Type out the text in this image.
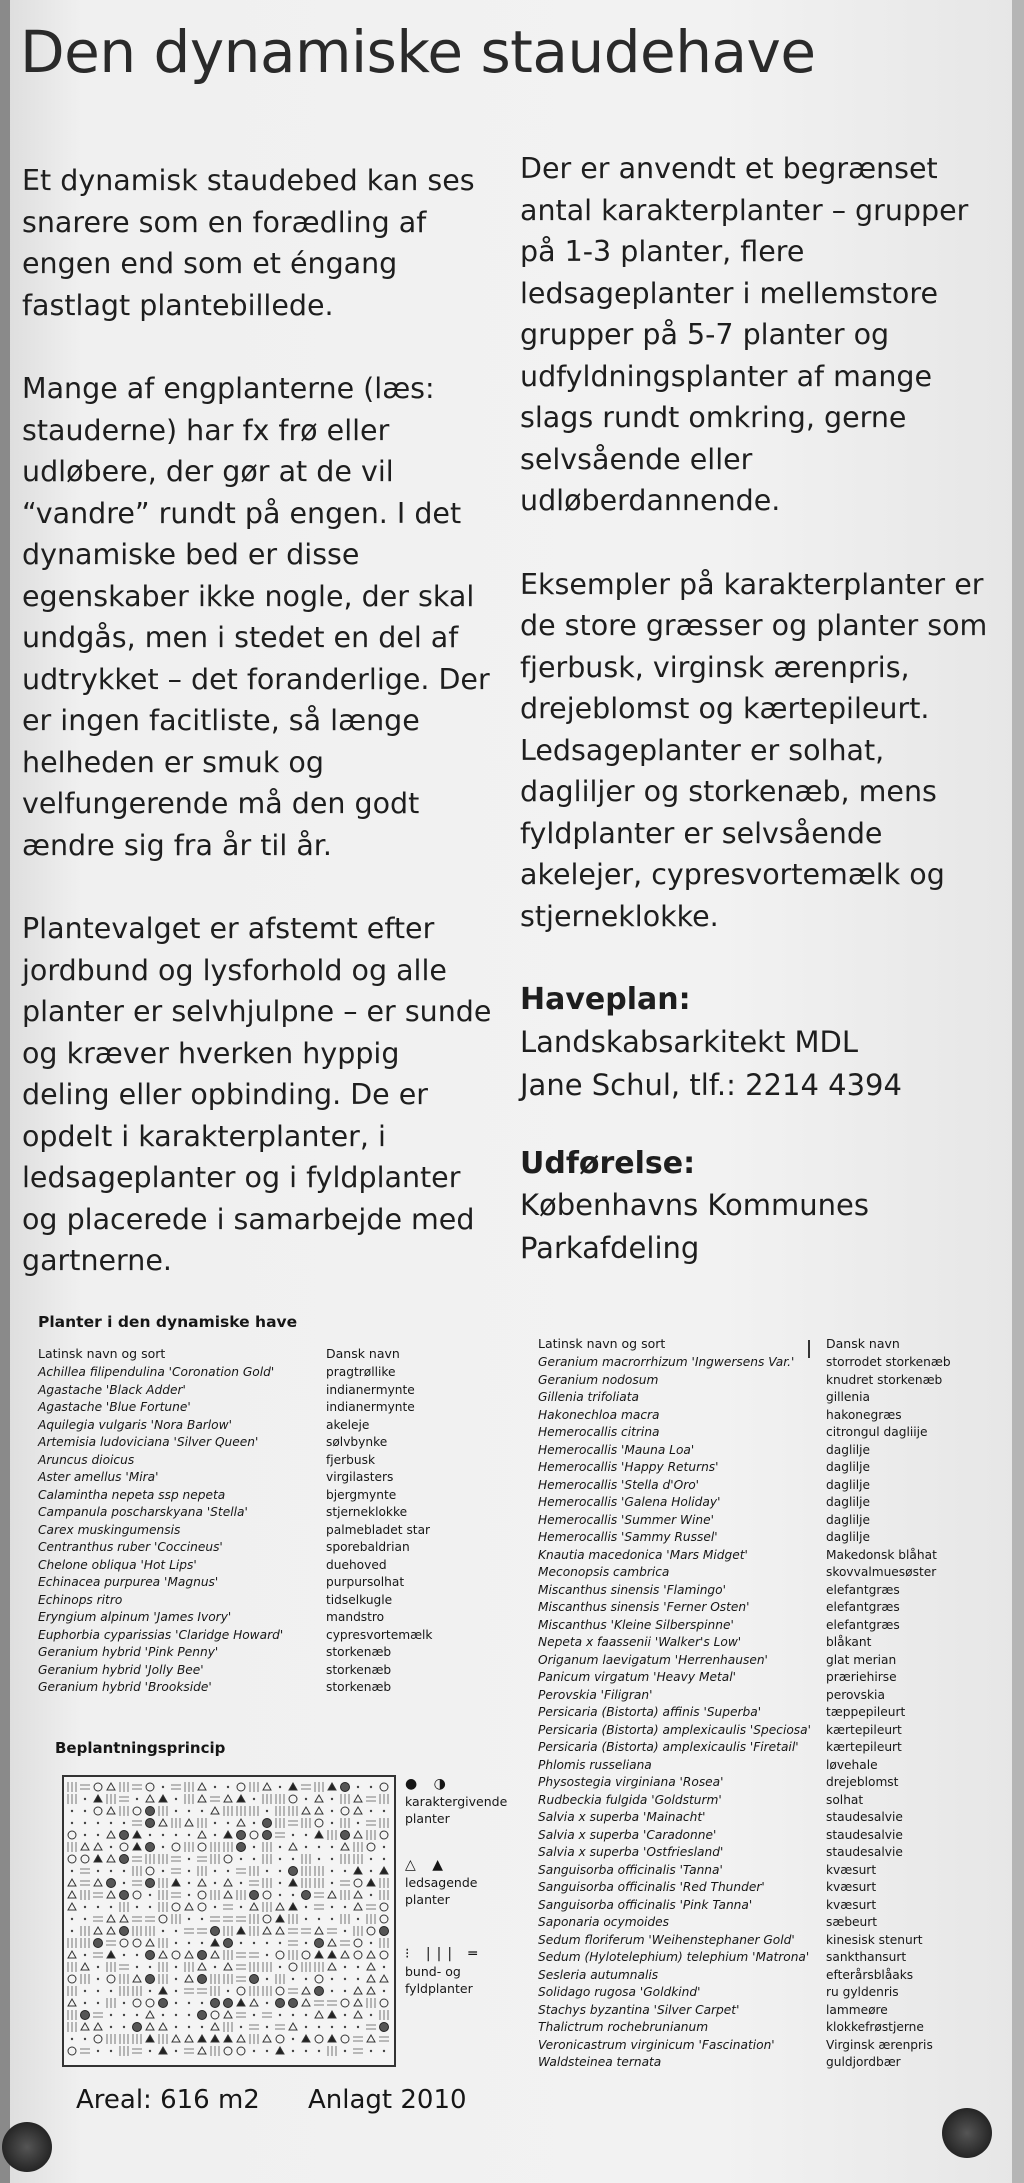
Den dynamiske staudehave

Et dynamisk staudebed kan ses snarere som en forædling af engen end som et éngang fastlagt plantebillede.

Mange af engplanterne (læs: stauderne) har fx frø eller udløbere, der gør at de vil “vandre” rundt på engen. I det dynamiske bed er disse egenskaber ikke nogle, der skal undgås, men i stedet en del af udtrykket – det foranderlige. Der er ingen facitliste, så længe helheden er smuk og velfungerende må den godt ændre sig fra år til år.

Plantevalget er afstemt efter jordbund og lysforhold og alle planter er selvhjulpne – er sunde og kræver hverken hyppig deling eller opbinding. De er opdelt i karakterplanter, i ledsageplanter og i fyldplanter og placerede i samarbejde med gartnerne.

Der er anvendt et begrænset antal karakterplanter – grupper på 1-3 planter, flere ledsageplanter i mellemstore grupper på 5-7 planter og udfyldningsplanter af mange slags rundt omkring, gerne selvsående eller udløberdannende.

Eksempler på karakterplanter er de store græsser og planter som fjerbusk, virginsk ærenpris, drejeblomst og kærtepileurt. Ledsageplanter er solhat, dagliljer og storkenæb, mens fyldplanter er selvsående akelejer, cypresvortemælk og stjerneklokke.

Haveplan:
Landskabsarkitekt MDL
Jane Schul, tlf.: 2214 4394
Udførelse:
Københavns Kommunes
Parkafdeling
Planter i den dynamiske have
Latinsk navn og sort	Dansk navn
Achillea filipendulina 'Coronation Gold'	pragtrøllike
Agastache 'Black Adder'	indianermynte
Agastache 'Blue Fortune'	indianermynte
Aquilegia vulgaris 'Nora Barlow'	akeleje
Artemisia ludoviciana 'Silver Queen'	sølvbynke
Aruncus dioicus	fjerbusk
Aster amellus 'Mira'	virgilasters
Calamintha nepeta ssp nepeta	bjergmynte
Campanula poscharskyana 'Stella'	stjerneklokke
Carex muskingumensis	palmebladet star
Centranthus ruber 'Coccineus'	sporebaldrian
Chelone obliqua 'Hot Lips'	duehoved
Echinacea purpurea 'Magnus'	purpursolhat
Echinops ritro	tidselkugle
Eryngium alpinum 'James Ivory'	mandstro
Euphorbia cyparissias 'Claridge Howard'	cypresvortemælk
Geranium hybrid 'Pink Penny'	storkenæb
Geranium hybrid 'Jolly Bee'	storkenæb
Geranium hybrid 'Brookside'	storkenæb
Latinsk navn og sort	Dansk navn
Geranium macrorrhizum 'Ingwersens Var.'	storrodet storkenæb
Geranium nodosum	knudret storkenæb
Gillenia trifoliata	gillenia
Hakonechloa macra	hakonegræs
Hemerocallis citrina	citrongul dagliije
Hemerocallis 'Mauna Loa'	daglilje
Hemerocallis 'Happy Returns'	daglilje
Hemerocallis 'Stella d'Oro'	daglilje
Hemerocallis 'Galena Holiday'	daglilje
Hemerocallis 'Summer Wine'	daglilje
Hemerocallis 'Sammy Russel'	daglilje
Knautia macedonica 'Mars Midget'	Makedonsk blåhat
Meconopsis cambrica	skovvalmuesøster
Miscanthus sinensis 'Flamingo'	elefantgræs
Miscanthus sinensis 'Ferner Osten'	elefantgræs
Miscanthus 'Kleine Silberspinne'	elefantgræs
Nepeta x faassenii 'Walker's Low'	blåkant
Origanum laevigatum 'Herrenhausen'	glat merian
Panicum virgatum 'Heavy Metal'	præriehirse
Perovskia 'Filigran'	perovskia
Persicaria (Bistorta) affinis 'Superba'	tæppepileurt
Persicaria (Bistorta) amplexicaulis 'Speciosa'	kærtepileurt
Persicaria (Bistorta) amplexicaulis 'Firetail'	kærtepileurt
Phlomis russeliana	løvehale
Physostegia virginiana 'Rosea'	drejeblomst
Rudbeckia fulgida 'Goldsturm'	solhat
Salvia x superba 'Mainacht'	staudesalvie
Salvia x superba 'Caradonne'	staudesalvie
Salvia x superba 'Ostfriesland'	staudesalvie
Sanguisorba officinalis 'Tanna'	kvæsurt
Sanguisorba officinalis 'Red Thunder'	kvæsurt
Sanguisorba officinalis 'Pink Tanna'	kvæsurt
Saponaria ocymoides	sæbeurt
Sedum floriferum 'Weihenstephaner Gold'	kinesisk stenurt
Sedum (Hylotelephium) telephium 'Matrona'	sankthansurt
Sesleria autumnalis	efterårsblåaks
Solidago rugosa 'Goldkind'	ru gyldenris
Stachys byzantina 'Silver Carpet'	lammeøre
Thalictrum rochebrunianum	klokkefrøstjerne
Veronicastrum virginicum 'Fascination'	Virginsk ærenpris
Waldsteinea ternata	guldjordbær
Beplantningsprincip
● ◑
karaktergivende
planter
△ ▲
ledsagende
planter
⁝ ||| ═
bund- og
fyldplanter
Areal: 616 m2 Anlagt 2010
